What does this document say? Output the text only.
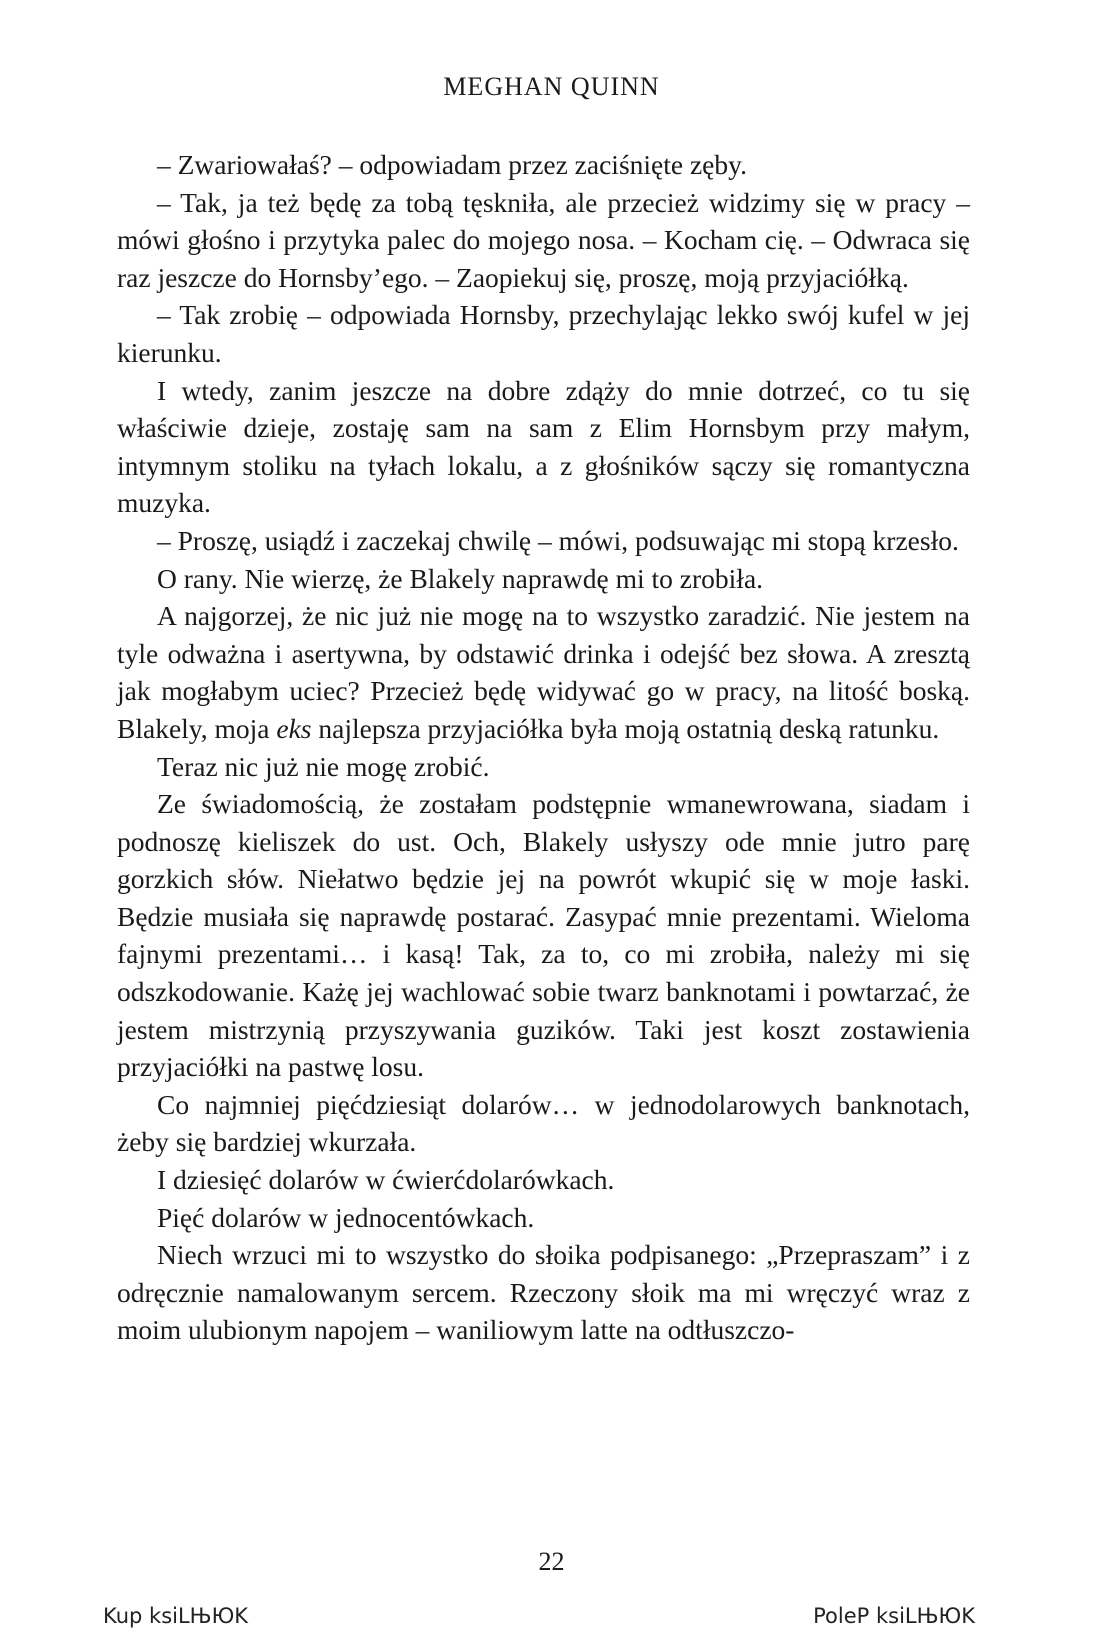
MEGHAN QUINN

– Zwariowałaś? – odpowiadam przez zaciśnięte zęby.

– Tak, ja też będę za tobą tęskniła, ale przecież widzimy się w pracy – mówi głośno i przytyka palec do mojego nosa. – Kocham cię. – Odwraca się raz jeszcze do Hornsby’ego. – Zaopiekuj się, proszę, moją przyjaciółką.

– Tak zrobię – odpowiada Hornsby, przechylając lekko swój kufel w jej kierunku.

I wtedy, zanim jeszcze na dobre zdąży do mnie dotrzeć, co tu się właściwie dzieje, zostaję sam na sam z Elim Hornsbym przy małym, intymnym stoliku na tyłach lokalu, a z głośników sączy się romantyczna muzyka.

– Proszę, usiądź i zaczekaj chwilę – mówi, podsuwając mi stopą krzesło.

O rany. Nie wierzę, że Blakely naprawdę mi to zrobiła.

A najgorzej, że nic już nie mogę na to wszystko zaradzić. Nie jestem na tyle odważna i asertywna, by odstawić drinka i odejść bez słowa. A zresztą jak mogłabym uciec? Przecież będę widywać go w pracy, na litość boską. Blakely, moja eks najlepsza przyjaciółka była moją ostatnią deską ratunku.

Teraz nic już nie mogę zrobić.

Ze świadomością, że zostałam podstępnie wmanewrowana, siadam i podnoszę kieliszek do ust. Och, Blakely usłyszy ode mnie jutro parę gorzkich słów. Niełatwo będzie jej na powrót wkupić się w moje łaski. Będzie musiała się naprawdę postarać. Zasypać mnie prezentami. Wieloma fajnymi prezentami… i kasą! Tak, za to, co mi zrobiła, należy mi się odszkodowanie. Każę jej wachlować sobie twarz banknotami i powtarzać, że jestem mistrzynią przyszywania guzików. Taki jest koszt zostawienia przyjaciółki na pastwę losu.

Co najmniej pięćdziesiąt dolarów… w jednodolarowych banknotach, żeby się bardziej wkurzała.

I dziesięć dolarów w ćwierćdolarówkach.

Pięć dolarów w jednocentówkach.

Niech wrzuci mi to wszystko do słoika podpisanego: „Przepraszam” i z odręcznie namalowanym sercem. Rzeczony słoik ma mi wręczyć wraz z moim ulubionym napojem – waniliowym latte na odtłuszczo-

22
Kup ksiLЊЮK	PoleP ksiLЊЮK
